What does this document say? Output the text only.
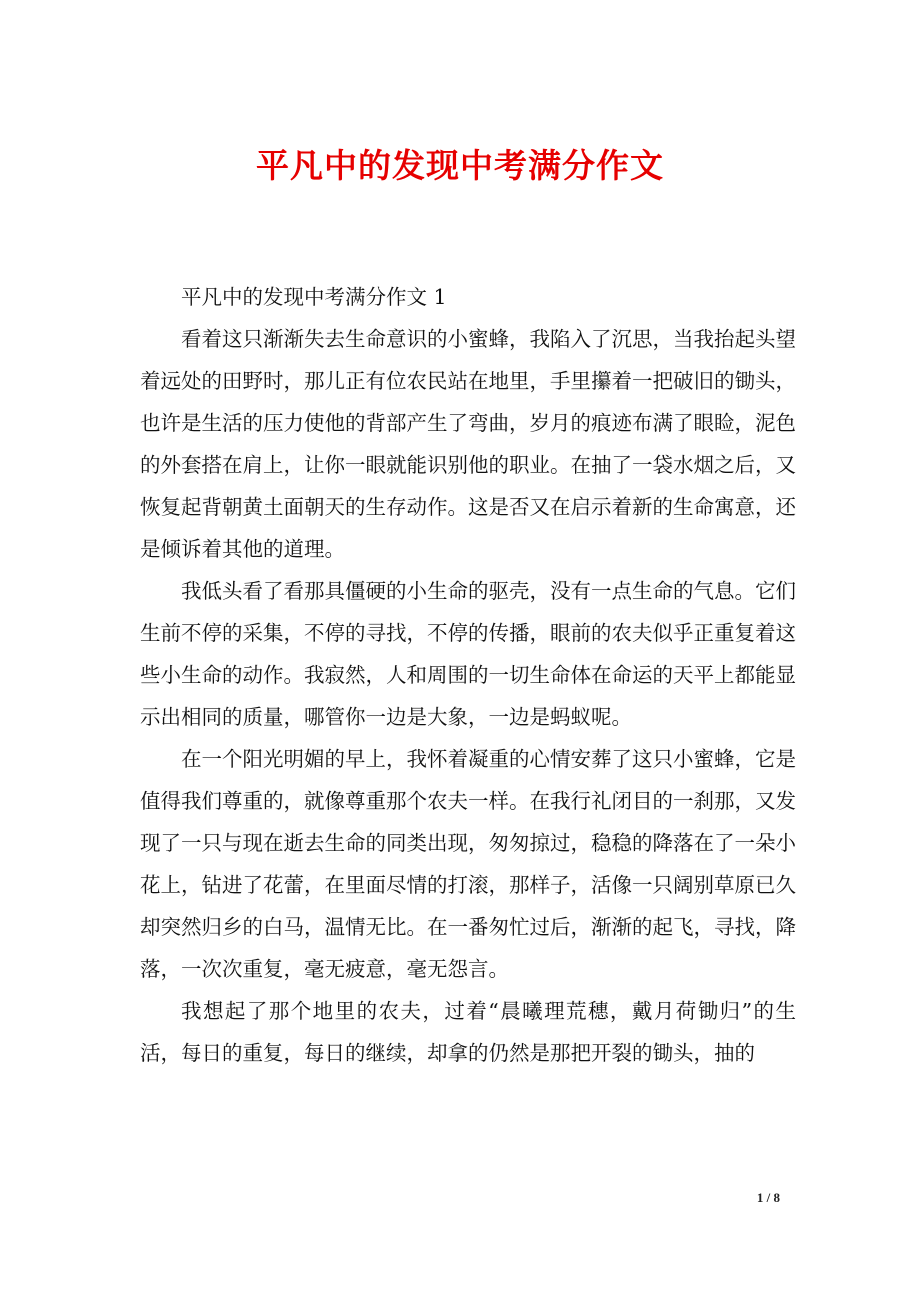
平凡中的发现中考满分作文

平凡中的发现中考满分作文 1

看着这只渐渐失去生命意识的小蜜蜂，我陷入了沉思，当我抬起头望着远处的田野时，那儿正有位农民站在地里，手里攥着一把破旧的锄头，也许是生活的压力使他的背部产生了弯曲，岁月的痕迹布满了眼睑，泥色的外套搭在肩上，让你一眼就能识别他的职业。在抽了一袋水烟之后，又恢复起背朝黄土面朝天的生存动作。这是否又在启示着新的生命寓意，还是倾诉着其他的道理。

我低头看了看那具僵硬的小生命的驱壳，没有一点生命的气息。它们生前不停的采集，不停的寻找，不停的传播，眼前的农夫似乎正重复着这些小生命的动作。我寂然，人和周围的一切生命体在命运的天平上都能显示出相同的质量，哪管你一边是大象，一边是蚂蚁呢。

在一个阳光明媚的早上，我怀着凝重的心情安葬了这只小蜜蜂，它是值得我们尊重的，就像尊重那个农夫一样。在我行礼闭目的一刹那，又发现了一只与现在逝去生命的同类出现，匆匆掠过，稳稳的降落在了一朵小花上，钻进了花蕾，在里面尽情的打滚，那样子，活像一只阔别草原已久却突然归乡的白马，温情无比。在一番匆忙过后，渐渐的起飞，寻找，降落，一次次重复，毫无疲意，毫无怨言。

我想起了那个地里的农夫，过着“晨曦理荒穗，戴月荷锄归”的生活，每日的重复，每日的继续，却拿的仍然是那把开裂的锄头，抽的

1 / 8
